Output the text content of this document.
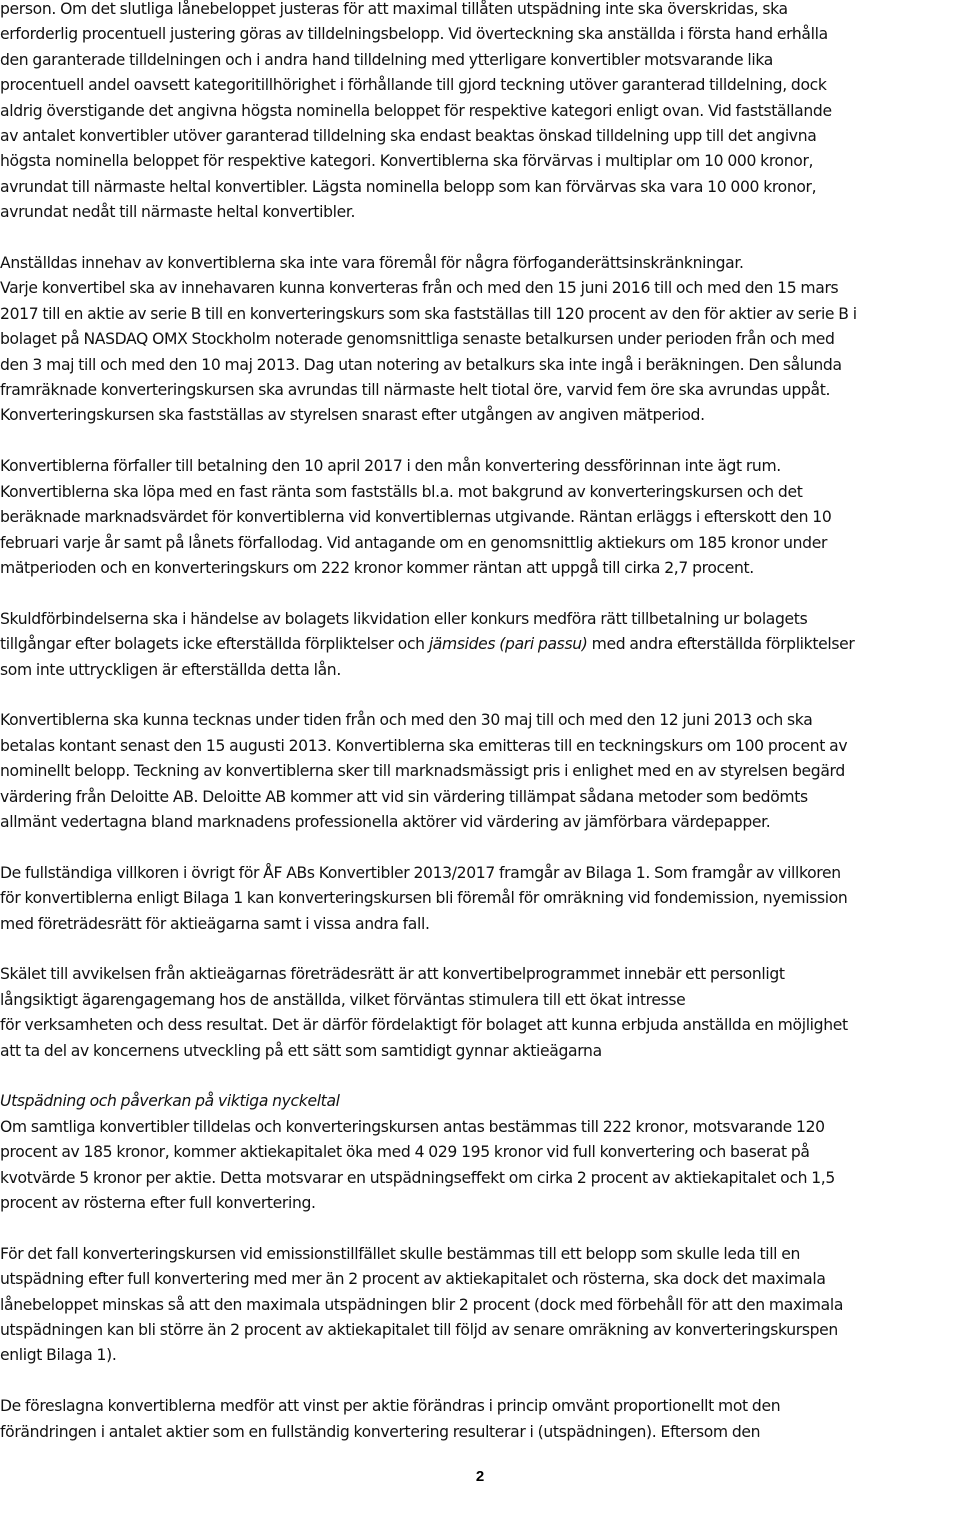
person. Om det slutliga lånebeloppet justeras för att maximal tillåten utspädning inte ska överskridas, ska
erforderlig procentuell justering göras av tilldelningsbelopp. Vid överteckning ska anställda i första hand erhålla
den garanterade tilldelningen och i andra hand tilldelning med ytterligare konvertibler motsvarande lika
procentuell andel oavsett kategoritillhörighet i förhållande till gjord teckning utöver garanterad tilldelning, dock
aldrig överstigande det angivna högsta nominella beloppet för respektive kategori enligt ovan. Vid fastställande
av antalet konvertibler utöver garanterad tilldelning ska endast beaktas önskad tilldelning upp till det angivna
högsta nominella beloppet för respektive kategori. Konvertiblerna ska förvärvas i multiplar om 10 000 kronor,
avrundat till närmaste heltal konvertibler. Lägsta nominella belopp som kan förvärvas ska vara 10 000 kronor,
avrundat nedåt till närmaste heltal konvertibler.

Anställdas innehav av konvertiblerna ska inte vara föremål för några förfoganderättsinskränkningar.

Varje konvertibel ska av innehavaren kunna konverteras från och med den 15 juni 2016 till och med den 15 mars
2017 till en aktie av serie B till en konverteringskurs som ska fastställas till 120 procent av den för aktier av serie B i
bolaget på NASDAQ OMX Stockholm noterade genomsnittliga senaste betalkursen under perioden från och med
den 3 maj till och med den 10 maj 2013. Dag utan notering av betalkurs ska inte ingå i beräkningen. Den sålunda
framräknade konverteringskursen ska avrundas till närmaste helt tiotal öre, varvid fem öre ska avrundas uppåt.
Konverteringskursen ska fastställas av styrelsen snarast efter utgången av angiven mätperiod.

Konvertiblerna förfaller till betalning den 10 april 2017 i den mån konvertering dessförinnan inte ägt rum.
Konvertiblerna ska löpa med en fast ränta som fastställs bl.a. mot bakgrund av konverteringskursen och det
beräknade marknadsvärdet för konvertiblerna vid konvertiblernas utgivande. Räntan erläggs i efterskott den 10
februari varje år samt på lånets förfallodag. Vid antagande om en genomsnittlig aktiekurs om 185 kronor under
mätperioden och en konverteringskurs om 222 kronor kommer räntan att uppgå till cirka 2,7 procent.

Skuldförbindelserna ska i händelse av bolagets likvidation eller konkurs medföra rätt tillbetalning ur bolagets
tillgångar efter bolagets icke efterställda förpliktelser och jämsides (pari passu) med andra efterställda förpliktelser
som inte uttryckligen är efterställda detta lån.

Konvertiblerna ska kunna tecknas under tiden från och med den 30 maj till och med den 12 juni 2013 och ska
betalas kontant senast den 15 augusti 2013. Konvertiblerna ska emitteras till en teckningskurs om 100 procent av
nominellt belopp. Teckning av konvertiblerna sker till marknadsmässigt pris i enlighet med en av styrelsen begärd
värdering från Deloitte AB. Deloitte AB kommer att vid sin värdering tillämpat sådana metoder som bedömts
allmänt vedertagna bland marknadens professionella aktörer vid värdering av jämförbara värdepapper.

De fullständiga villkoren i övrigt för ÅF ABs Konvertibler 2013/2017 framgår av Bilaga 1. Som framgår av villkoren
för konvertiblerna enligt Bilaga 1 kan konverteringskursen bli föremål för omräkning vid fondemission, nyemission
med företrädesrätt för aktieägarna samt i vissa andra fall.

Skälet till avvikelsen från aktieägarnas företrädesrätt är att konvertibelprogrammet innebär ett personligt
långsiktigt ägarengagemang hos de anställda, vilket förväntas stimulera till ett ökat intresse
för verksamheten och dess resultat. Det är därför fördelaktigt för bolaget att kunna erbjuda anställda en möjlighet
att ta del av koncernens utveckling på ett sätt som samtidigt gynnar aktieägarna

Utspädning och påverkan på viktiga nyckeltal

Om samtliga konvertibler tilldelas och konverteringskursen antas bestämmas till 222 kronor, motsvarande 120
procent av 185 kronor, kommer aktiekapitalet öka med 4 029 195 kronor vid full konvertering och baserat på
kvotvärde 5 kronor per aktie. Detta motsvarar en utspädningseffekt om cirka 2 procent av aktiekapitalet och 1,5
procent av rösterna efter full konvertering.

För det fall konverteringskursen vid emissionstillfället skulle bestämmas till ett belopp som skulle leda till en
utspädning efter full konvertering med mer än 2 procent av aktiekapitalet och rösterna, ska dock det maximala
lånebeloppet minskas så att den maximala utspädningen blir 2 procent (dock med förbehåll för att den maximala
utspädningen kan bli större än 2 procent av aktiekapitalet till följd av senare omräkning av konverteringskurspen
enligt Bilaga 1).

De föreslagna konvertiblerna medför att vinst per aktie förändras i princip omvänt proportionellt mot den
förändringen i antalet aktier som en fullständig konvertering resulterar i (utspädningen). Eftersom den

2
